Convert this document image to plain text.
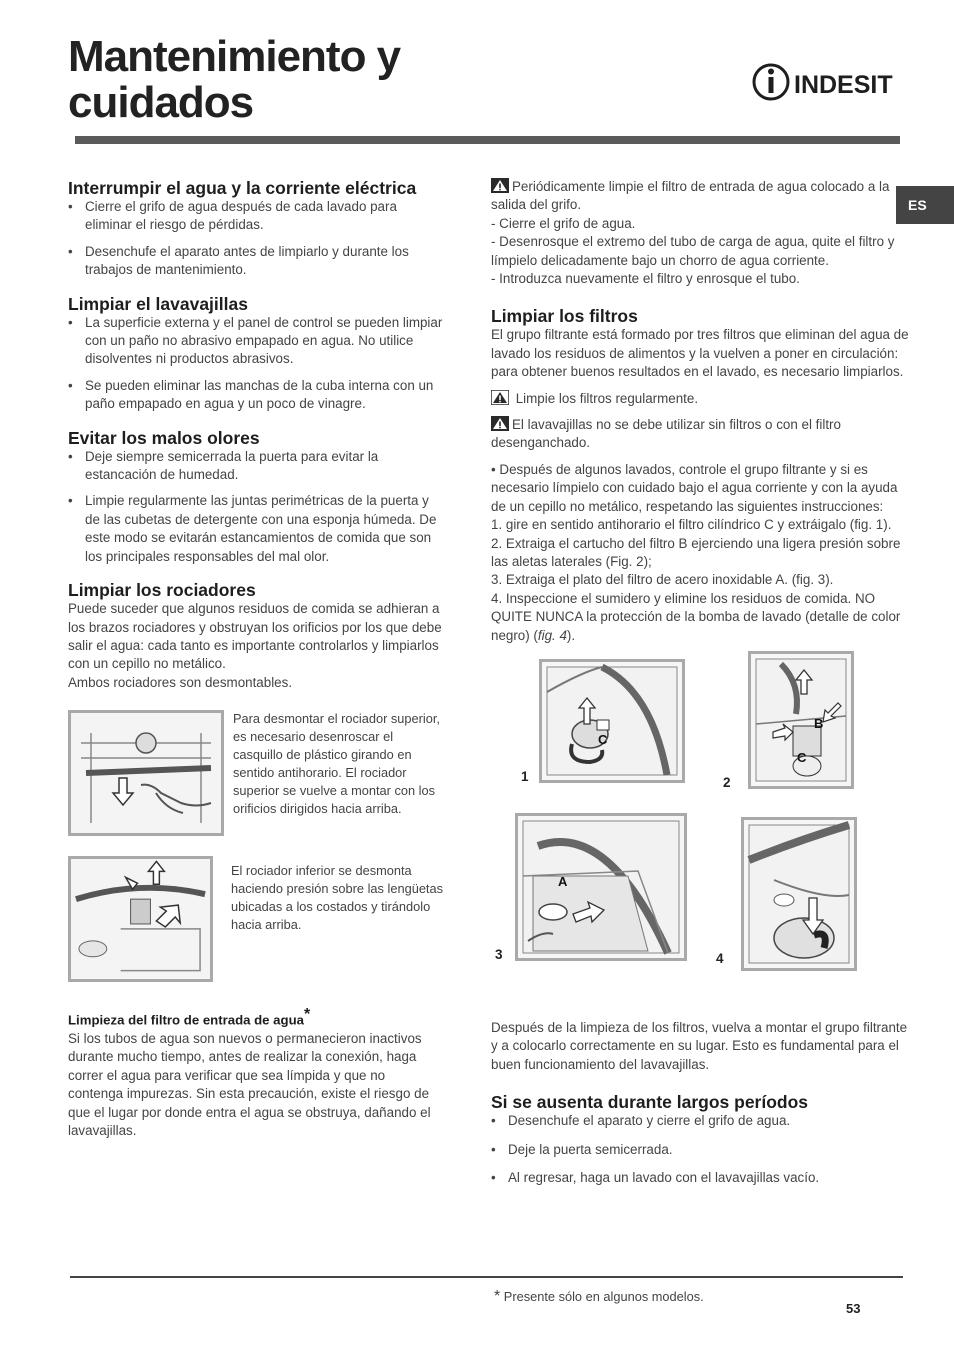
Mantenimiento y
cuidados	INDESIT
ES
Interrumpir el agua y la corriente eléctrica
• Cierre el grifo de agua después de cada lavado para eliminar el riesgo de pérdidas.
• Desenchufe el aparato antes de limpiarlo y durante los trabajos de mantenimiento.
Limpiar el lavavajillas
• La superficie externa y el panel de control se pueden limpiar con un paño no abrasivo empapado en agua. No utilice disolventes ni productos abrasivos.
• Se pueden eliminar las manchas de la cuba interna con un paño empapado en agua y un poco de vinagre.
Evitar los malos olores
• Deje siempre semicerrada la puerta para evitar la estancación de humedad.
• Limpie regularmente las juntas perimétricas de la puerta y de las cubetas de detergente con una esponja húmeda. De este modo se evitarán estancamientos de comida que son los principales responsables del mal olor.
Limpiar los rociadores

Puede suceder que algunos residuos de comida se adhieran a los brazos rociadores y obstruyan los orificios por los que debe salir el agua: cada tanto es importante controlarlos y limpiarlos con un cepillo no metálico.

Ambos rociadores son desmontables.

Para desmontar el rociador superior, es necesario desenroscar el casquillo de plástico girando en sentido antihorario. El rociador superior se vuelve a montar con los orificios dirigidos hacia arriba.
El rociador inferior se desmonta haciendo presión sobre las lengüetas ubicadas a los costados y tirándolo hacia arriba.

Limpieza del filtro de entrada de agua*

Si los tubos de agua son nuevos o permanecieron inactivos durante mucho tiempo, antes de realizar la conexión, haga correr el agua para verificar que sea límpida y que no contenga impurezas. Sin esta precaución, existe el riesgo de que el lugar por donde entra el agua se obstruya, dañando el lavavajillas.

Periódicamente limpie el filtro de entrada de agua colocado a la salida del grifo.

- Cierre el grifo de agua.

- Desenrosque el extremo del tubo de carga de agua, quite el filtro y límpielo delicadamente bajo un chorro de agua corriente.

- Introduzca nuevamente el filtro y enrosque el tubo.

Limpiar los filtros

El grupo filtrante está formado por tres filtros que eliminan del agua de lavado los residuos de alimentos y la vuelven a poner en circulación: para obtener buenos resultados en el lavado, es necesario limpiarlos.

Limpie los filtros regularmente.

El lavavajillas no se debe utilizar sin filtros o con el filtro desenganchado.

• Después de algunos lavados, controle el grupo filtrante y si es necesario límpielo con cuidado bajo el agua corriente y con la ayuda de un cepillo no metálico, respetando las siguientes instrucciones:

1. gire en sentido antihorario el filtro cilíndrico C y extráigalo (fig. 1).

2. Extraiga el cartucho del filtro B ejerciendo una ligera presión sobre las aletas laterales (Fig. 2);

3. Extraiga el plato del filtro de acero inoxidable A. (fig. 3).

4. Inspeccione el sumidero y elimine los residuos de comida. NO QUITE NUNCA la protección de la bomba de lavado (detalle de color negro) (fig. 4).

C
1
B
C
2
A
3	4

Después de la limpieza de los filtros, vuelva a montar el grupo filtrante y a colocarlo correctamente en su lugar. Esto es fundamental para el buen funcionamiento del lavavajillas.

Si se ausenta durante largos períodos
• Desenchufe el aparato y cierre el grifo de agua.
• Deje la puerta semicerrada.
• Al regresar, haga un lavado con el lavavajillas vacío.
* Presente sólo en algunos modelos.
53
